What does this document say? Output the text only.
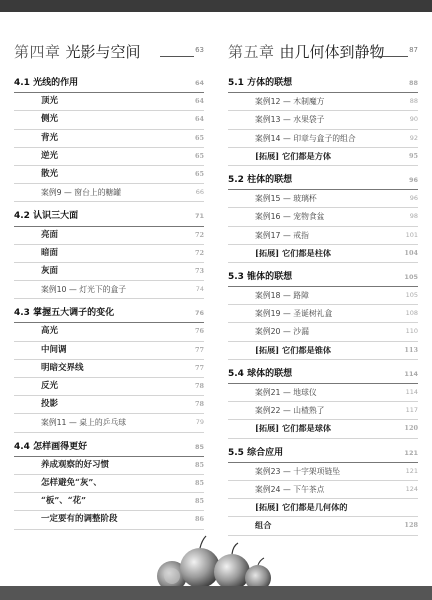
第四章 光影与空间	63
4.1 光线的作用	64
顶光	64
侧光	64
背光	65
逆光	65
散光	65
案例9 — 窗台上的糖罐	66
4.2 认识三大面	71
亮面	72
暗面	72
灰面	73
案例10 — 灯光下的盒子	74
4.3 掌握五大调子的变化	76
高光	76
中间调	77
明暗交界线	77
反光	78
投影	78
案例11 — 桌上的乒乓球	79
4.4 怎样画得更好	85
养成观察的好习惯	85
怎样避免“灰”、	85
“板”、“花”	85
一定要有的调整阶段	86
第五章 由几何体到静物	87
5.1 方体的联想	88
案例12 — 木制魔方	88
案例13 — 水果袋子	90
案例14 — 印章与盒子的组合	92
[拓展] 它们都是方体	95
5.2 柱体的联想	96
案例15 — 玻璃杯	96
案例16 — 宠物食盆	98
案例17 — 戒指	101
[拓展] 它们都是柱体	104
5.3 锥体的联想	105
案例18 — 路障	105
案例19 — 圣诞树礼盒	108
案例20 — 沙漏	110
[拓展] 它们都是锥体	113
5.4 球体的联想	114
案例21 — 地球仪	114
案例22 — 山楂熟了	117
[拓展] 它们都是球体	120
5.5 综合应用	121
案例23 — 十字架项链坠	121
案例24 — 下午茶点	124
[拓展] 它们都是几何体的
组合	128
